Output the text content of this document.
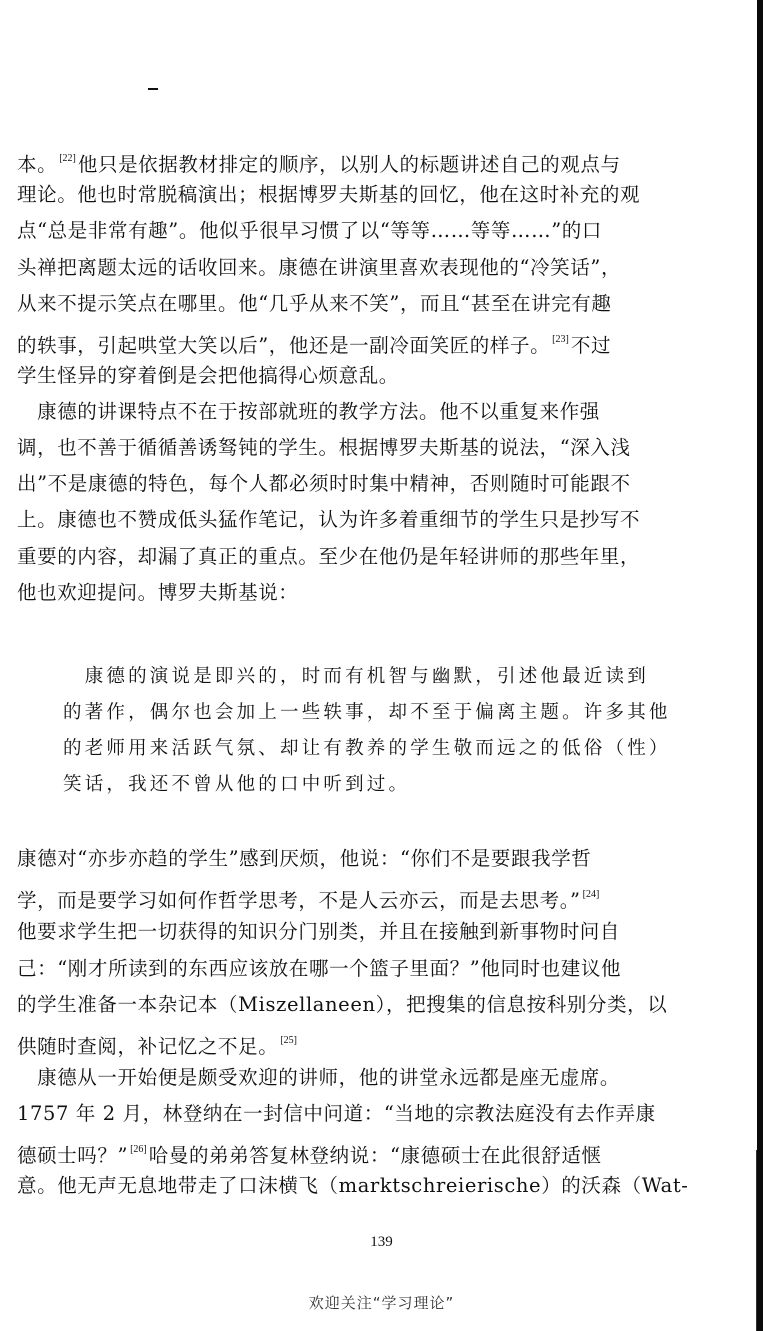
本。 [22] 他只是依据教材排定的顺序，以别人的标题讲述自己的观点与
理论。他也时常脱稿演出；根据博罗夫斯基的回忆，他在这时补充的观
点“总是非常有趣”。他似乎很早习惯了以“等等……等等……”的口
头禅把离题太远的话收回来。康德在讲演里喜欢表现他的“冷笑话”，
从来不提示笑点在哪里。他“几乎从来不笑”，而且“甚至在讲完有趣
的轶事，引起哄堂大笑以后”，他还是一副冷面笑匠的样子。 [23] 不过
学生怪异的穿着倒是会把他搞得心烦意乱。
　康德的讲课特点不在于按部就班的教学方法。他不以重复来作强
调，也不善于循循善诱驽钝的学生。根据博罗夫斯基的说法，“深入浅
出”不是康德的特色，每个人都必须时时集中精神，否则随时可能跟不
上。康德也不赞成低头猛作笔记，认为许多着重细节的学生只是抄写不
重要的内容，却漏了真正的重点。至少在他仍是年轻讲师的那些年里，
他也欢迎提问。博罗夫斯基说：
　康德的演说是即兴的，时而有机智与幽默，引述他最近读到
的著作，偶尔也会加上一些轶事，却不至于偏离主题。许多其他
的老师用来活跃气氛、却让有教养的学生敬而远之的低俗（性）
笑话，我还不曾从他的口中听到过。
康德对“亦步亦趋的学生”感到厌烦，他说：“你们不是要跟我学哲
学，而是要学习如何作哲学思考，不是人云亦云，而是去思考。” [24]
他要求学生把一切获得的知识分门别类，并且在接触到新事物时问自
己：“刚才所读到的东西应该放在哪一个篮子里面？”他同时也建议他
的学生准备一本杂记本（Miszellaneen），把搜集的信息按科别分类，以
供随时查阅，补记忆之不足。 [25]
　康德从一开始便是颇受欢迎的讲师，他的讲堂永远都是座无虚席。
1757 年 2 月，林登纳在一封信中问道：“当地的宗教法庭没有去作弄康
德硕士吗？” [26] 哈曼的弟弟答复林登纳说：“康德硕士在此很舒适惬
意。他无声无息地带走了口沫横飞（marktschreierische）的沃森（Wat-
139
欢迎关注“学习理论”
